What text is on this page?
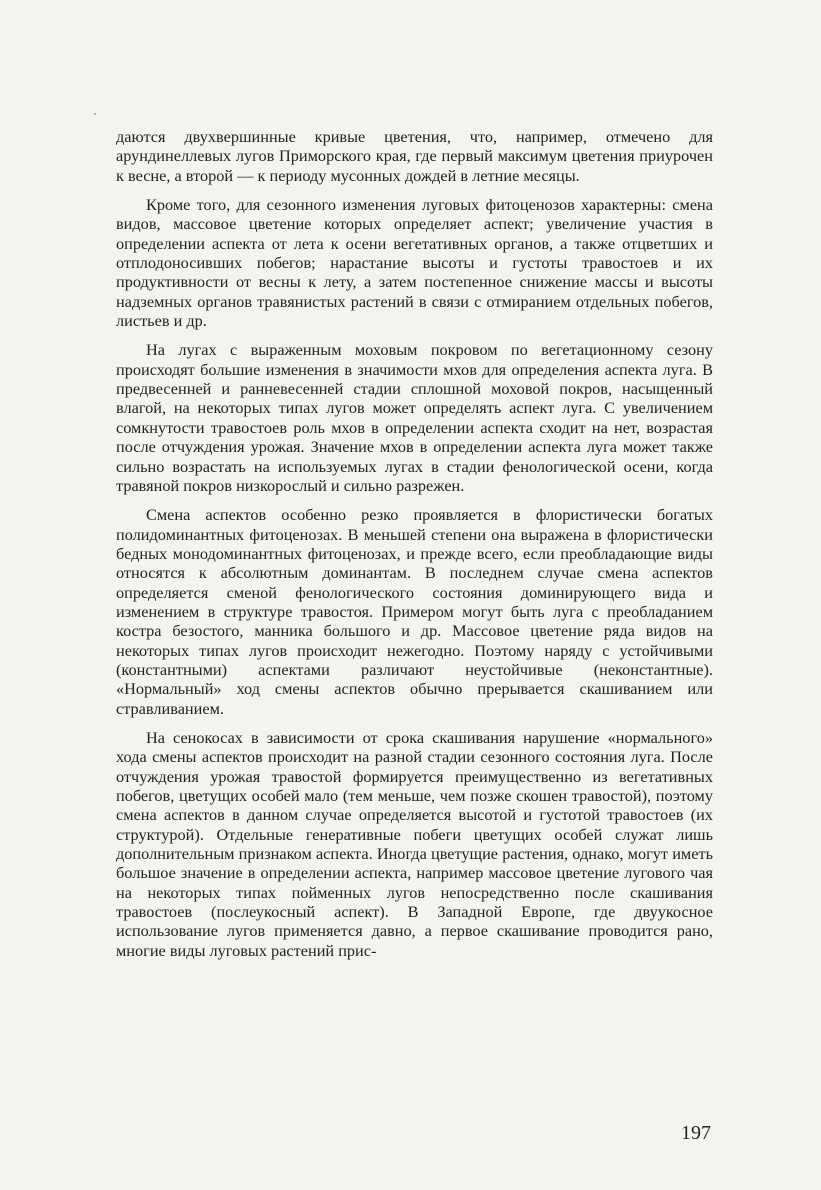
даются двухвершинные кривые цветения, что, например, отмечено для арундинеллевых лугов Приморского края, где первый максимум цветения приурочен к весне, а второй — к периоду мусонных дождей в летние месяцы.

Кроме того, для сезонного изменения луговых фитоценозов характерны: смена видов, массовое цветение которых определяет аспект; увеличение участия в определении аспекта от лета к осени вегетативных органов, а также отцветших и отплодоносивших побегов; нарастание высоты и густоты травостоев и их продуктивности от весны к лету, а затем постепенное снижение массы и высоты надземных органов травянистых растений в связи с отмиранием отдельных побегов, листьев и др.

На лугах с выраженным моховым покровом по вегетационному сезону происходят большие изменения в значимости мхов для определения аспекта луга. В предвесенней и ранневесенней стадии сплошной моховой покров, насыщенный влагой, на некоторых типах лугов может определять аспект луга. С увеличением сомкнутости травостоев роль мхов в определении аспекта сходит на нет, возрастая после отчуждения урожая. Значение мхов в определении аспекта луга может также сильно возрастать на используемых лугах в стадии фенологической осени, когда травяной покров низкорослый и сильно разрежен.

Смена аспектов особенно резко проявляется в флористически богатых полидоминантных фитоценозах. В меньшей степени она выражена в флористически бедных монодоминантных фитоценозах, и прежде всего, если преобладающие виды относятся к абсолютным доминантам. В последнем случае смена аспектов определяется сменой фенологического состояния доминирующего вида и изменением в структуре травостоя. Примером могут быть луга с преобладанием костра безостого, манника большого и др. Массовое цветение ряда видов на некоторых типах лугов происходит нежегодно. Поэтому наряду с устойчивыми (константными) аспектами различают неустойчивые (неконстантные). «Нормальный» ход смены аспектов обычно прерывается скашиванием или стравливанием.

На сенокосах в зависимости от срока скашивания нарушение «нормального» хода смены аспектов происходит на разной стадии сезонного состояния луга. После отчуждения урожая травостой формируется преимущественно из вегетативных побегов, цветущих особей мало (тем меньше, чем позже скошен травостой), поэтому смена аспектов в данном случае определяется высотой и густотой травостоев (их структурой). Отдельные генеративные побеги цветущих особей служат лишь дополнительным признаком аспекта. Иногда цветущие растения, однако, могут иметь большое значение в определении аспекта, например массовое цветение лугового чая на некоторых типах пойменных лугов непосредственно после скашивания травостоев (послеукосный аспект). В Западной Европе, где двуукосное использование лугов применяется давно, а первое скашивание проводится рано, многие виды луговых растений прис-

197
